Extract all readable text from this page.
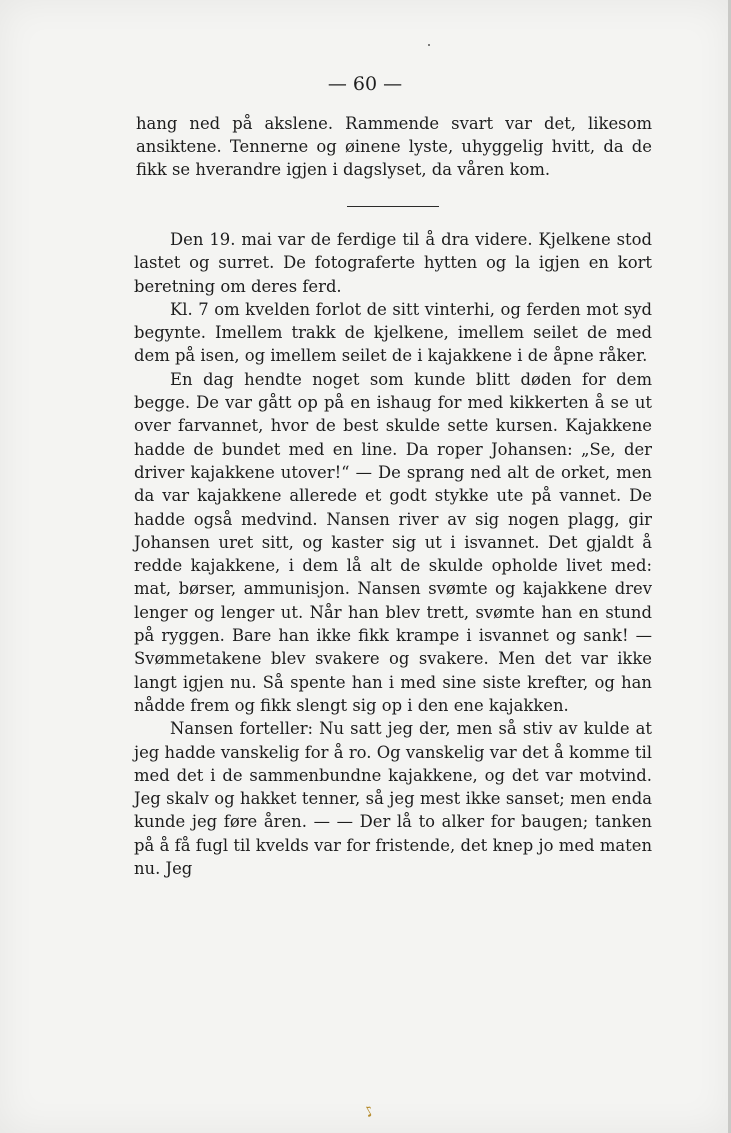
— 60 —

hang ned på akslene. Rammende svart var det, likesom ansiktene. Tennerne og øinene lyste, uhyggelig hvitt, da de fikk se hverandre igjen i dagslyset, da våren kom.

Den 19. mai var de ferdige til å dra videre. Kjelkene stod lastet og surret. De fotograferte hytten og la igjen en kort beretning om deres ferd.

Kl. 7 om kvelden forlot de sitt vinterhi, og ferden mot syd begynte. Imellem trakk de kjelkene, imellem seilet de med dem på isen, og imellem seilet de i kajakkene i de åpne råker.

En dag hendte noget som kunde blitt døden for dem begge. De var gått op på en ishaug for med kikkerten å se ut over farvannet, hvor de best skulde sette kursen. Kajakkene hadde de bundet med en line. Da roper Johansen: „Se, der driver kajakkene utover!“ — De sprang ned alt de orket, men da var kajakkene allerede et godt stykke ute på vannet. De hadde også medvind. Nansen river av sig nogen plagg, gir Johansen uret sitt, og kaster sig ut i isvannet. Det gjaldt å redde kajakkene, i dem lå alt de skulde opholde livet med: mat, børser, ammunisjon. Nansen svømte og kajakkene drev lenger og lenger ut. Når han blev trett, svømte han en stund på ryggen. Bare han ikke fikk krampe i isvannet og sank! — Svømmetakene blev svakere og svakere. Men det var ikke langt igjen nu. Så spente han i med sine siste krefter, og han nådde frem og fikk slengt sig op i den ene kajakken.

Nansen forteller: Nu satt jeg der, men så stiv av kulde at jeg hadde vanskelig for å ro. Og vanskelig var det å komme til med det i de sammenbundne kajakkene, og det var motvind. Jeg skalv og hakket tenner, så jeg mest ikke sanset; men enda kunde jeg føre åren. — — Der lå to alker for baugen; tanken på å få fugl til kvelds var for fristende, det knep jo med maten nu. Jeg

♪
